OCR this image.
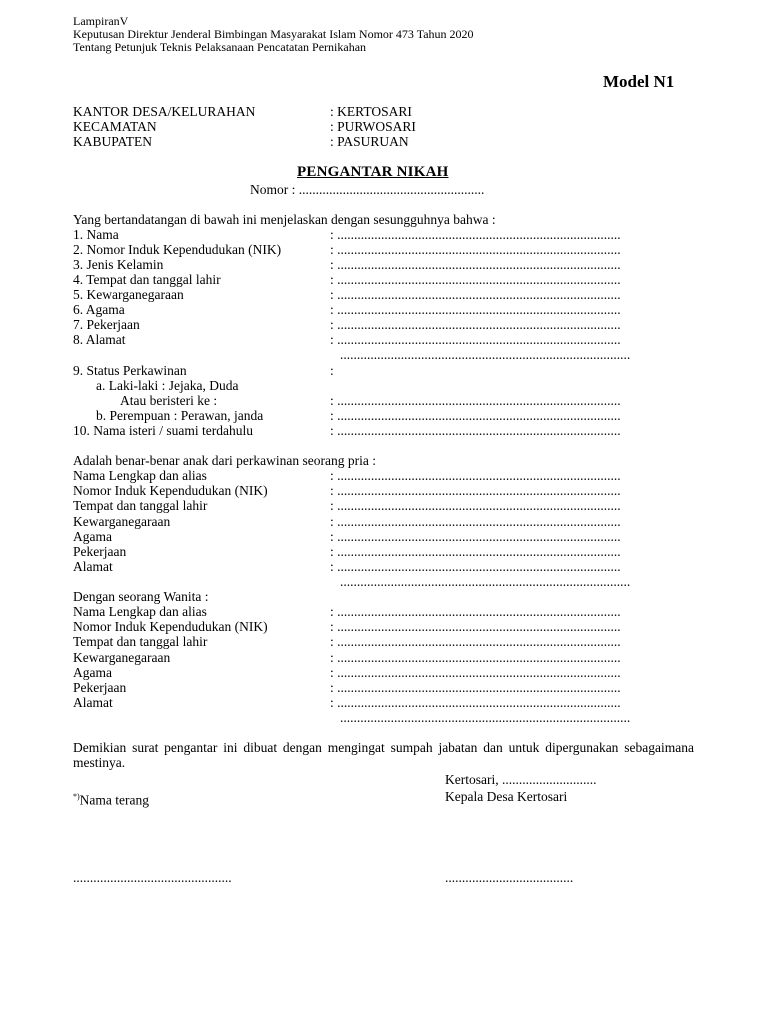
LampiranV
Keputusan Direktur Jenderal Bimbingan Masyarakat Islam Nomor 473 Tahun 2020
Tentang Petunjuk Teknis Pelaksanaan Pencatatan Pernikahan
Model N1
KANTOR DESA/KELURAHAN	: KERTOSARI
KECAMATAN	: PURWOSARI
KABUPATEN	: PASURUAN
PENGANTAR NIKAH
Nomor : .......................................................
Yang bertandatangan di bawah ini menjelaskan dengan sesungguhnya bahwa :
1. Nama	: ....................................................................................
2. Nomor Induk Kependudukan (NIK)	: ....................................................................................
3. Jenis Kelamin	: ....................................................................................
4. Tempat dan tanggal lahir	: ....................................................................................
5. Kewarganegaraan	: ....................................................................................
6. Agama	: ....................................................................................
7. Pekerjaan	: ....................................................................................
8. Alamat	: ....................................................................................
......................................................................................
9. Status Perkawinan	:
a. Laki-laki : Jejaka, Duda
Atau beristeri ke :	: ....................................................................................
b. Perempuan : Perawan, janda	: ....................................................................................
10. Nama isteri / suami terdahulu	: ....................................................................................
Adalah benar-benar anak dari perkawinan seorang pria :
Nama Lengkap dan alias	: ....................................................................................
Nomor Induk Kependudukan (NIK)	: ....................................................................................
Tempat dan tanggal lahir	: ....................................................................................
Kewarganegaraan	: ....................................................................................
Agama	: ....................................................................................
Pekerjaan	: ....................................................................................
Alamat	: ....................................................................................
......................................................................................
Dengan seorang Wanita :
Nama Lengkap dan alias	: ....................................................................................
Nomor Induk Kependudukan (NIK)	: ....................................................................................
Tempat dan tanggal lahir	: ....................................................................................
Kewarganegaraan	: ....................................................................................
Agama	: ....................................................................................
Pekerjaan	: ....................................................................................
Alamat	: ....................................................................................
......................................................................................
Demikian surat pengantar ini dibuat dengan mengingat sumpah jabatan dan untuk dipergunakan sebagaimana mestinya.
Kertosari, ............................
*)Nama terang	Kepala Desa Kertosari
...............................................	......................................
